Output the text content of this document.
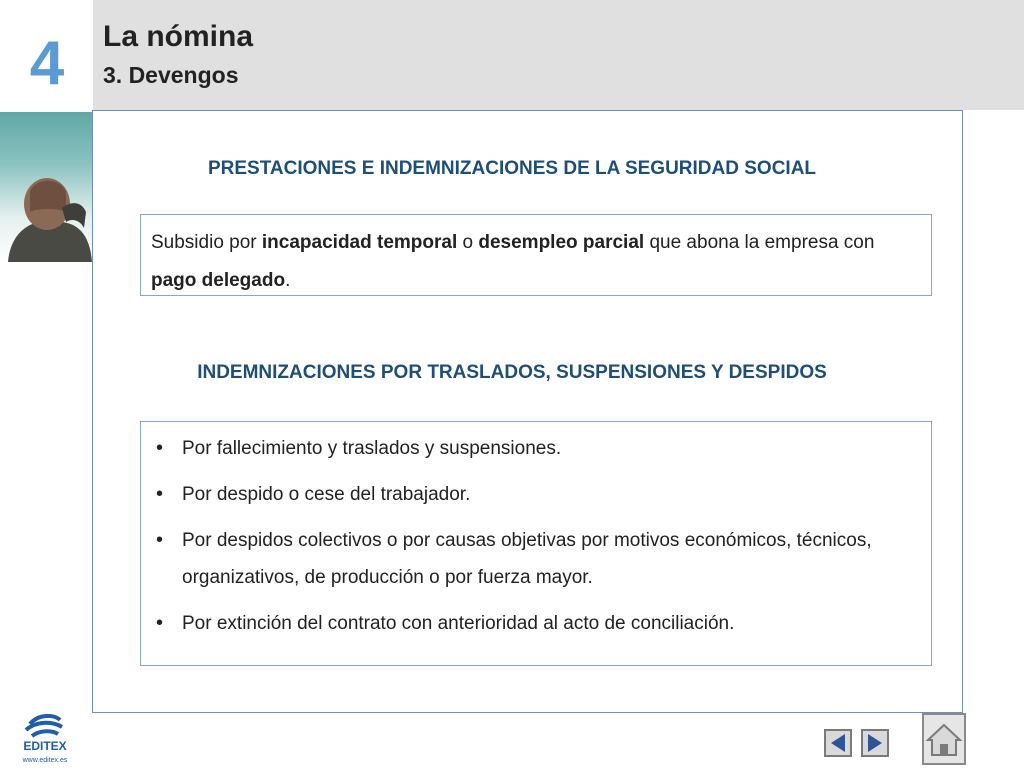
4 La nómina
3. Devengos
PRESTACIONES E INDEMNIZACIONES DE LA SEGURIDAD SOCIAL

Subsidio por incapacidad temporal o desempleo parcial que abona la empresa con pago delegado.

INDEMNIZACIONES POR TRASLADOS, SUSPENSIONES Y DESPIDOS
• Por fallecimiento y traslados y suspensiones.
• Por despido o cese del trabajador.
• Por despidos colectivos o por causas objetivas por motivos económicos, técnicos, organizativos, de producción o por fuerza mayor.
• Por extinción del contrato con anterioridad al acto de conciliación.
EDITEX
www.editex.es
